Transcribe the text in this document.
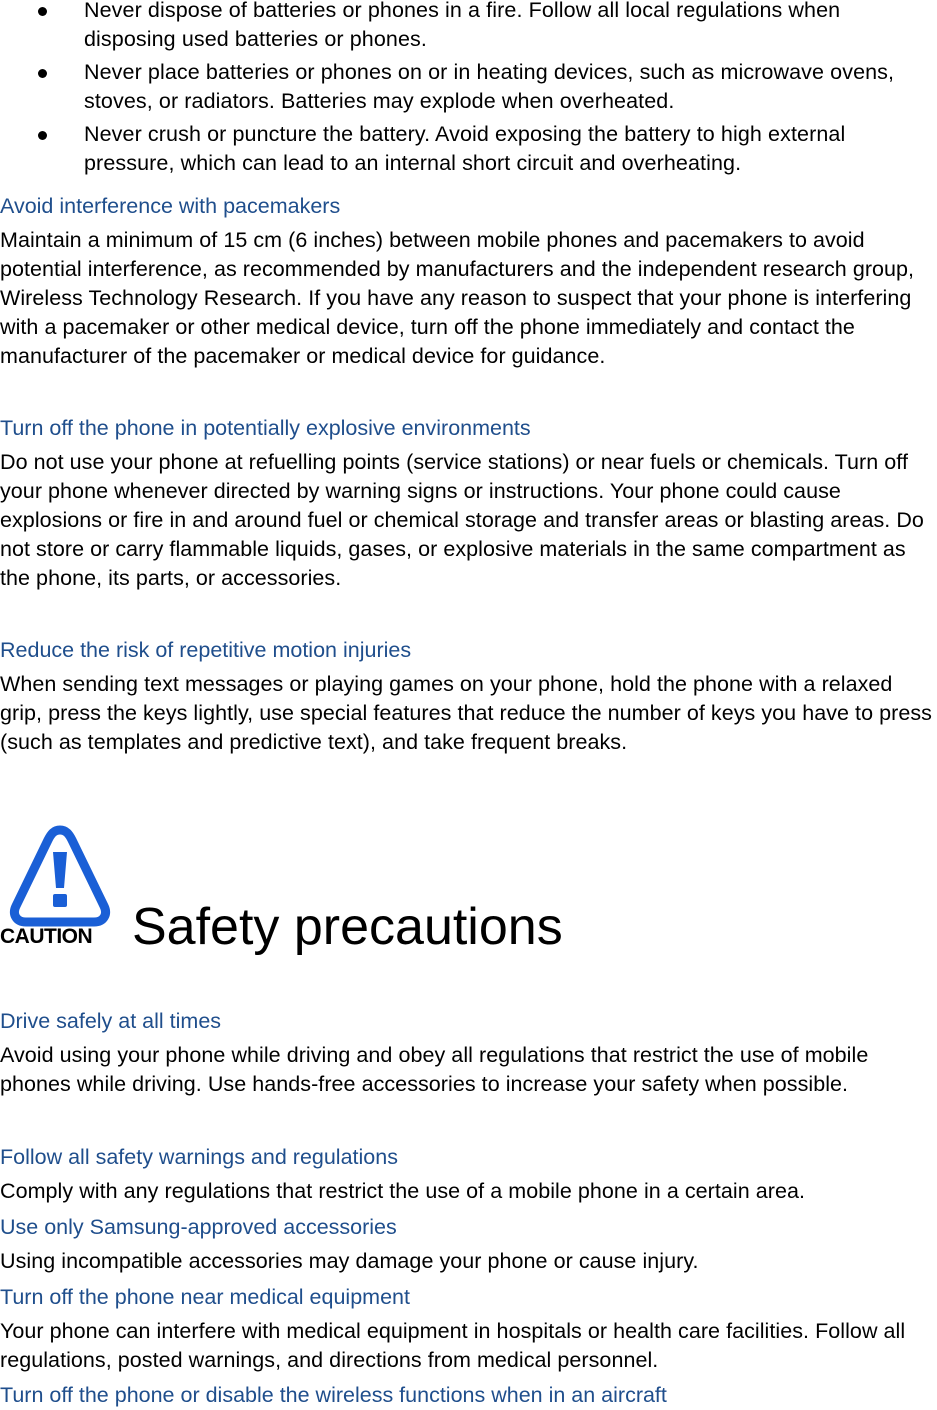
Never dispose of batteries or phones in a fire. Follow all local regulations when disposing used batteries or phones.
Never place batteries or phones on or in heating devices, such as microwave ovens, stoves, or radiators. Batteries may explode when overheated.
Never crush or puncture the battery. Avoid exposing the battery to high external pressure, which can lead to an internal short circuit and overheating.
Avoid interference with pacemakers

Maintain a minimum of 15 cm (6 inches) between mobile phones and pacemakers to avoid potential interference, as recommended by manufacturers and the independent research group, Wireless Technology Research. If you have any reason to suspect that your phone is interfering with a pacemaker or other medical device, turn off the phone immediately and contact the manufacturer of the pacemaker or medical device for guidance.

Turn off the phone in potentially explosive environments

Do not use your phone at refuelling points (service stations) or near fuels or chemicals. Turn off your phone whenever directed by warning signs or instructions. Your phone could cause explosions or fire in and around fuel or chemical storage and transfer areas or blasting areas. Do not store or carry flammable liquids, gases, or explosive materials in the same compartment as the phone, its parts, or accessories.

Reduce the risk of repetitive motion injuries

When sending text messages or playing games on your phone, hold the phone with a relaxed grip, press the keys lightly, use special features that reduce the number of keys you have to press (such as templates and predictive text), and take frequent breaks.

CAUTION Safety precautions
Drive safely at all times

Avoid using your phone while driving and obey all regulations that restrict the use of mobile phones while driving. Use hands-free accessories to increase your safety when possible.

Follow all safety warnings and regulations

Comply with any regulations that restrict the use of a mobile phone in a certain area.

Use only Samsung-approved accessories

Using incompatible accessories may damage your phone or cause injury.

Turn off the phone near medical equipment

Your phone can interfere with medical equipment in hospitals or health care facilities. Follow all regulations, posted warnings, and directions from medical personnel.

Turn off the phone or disable the wireless functions when in an aircraft
